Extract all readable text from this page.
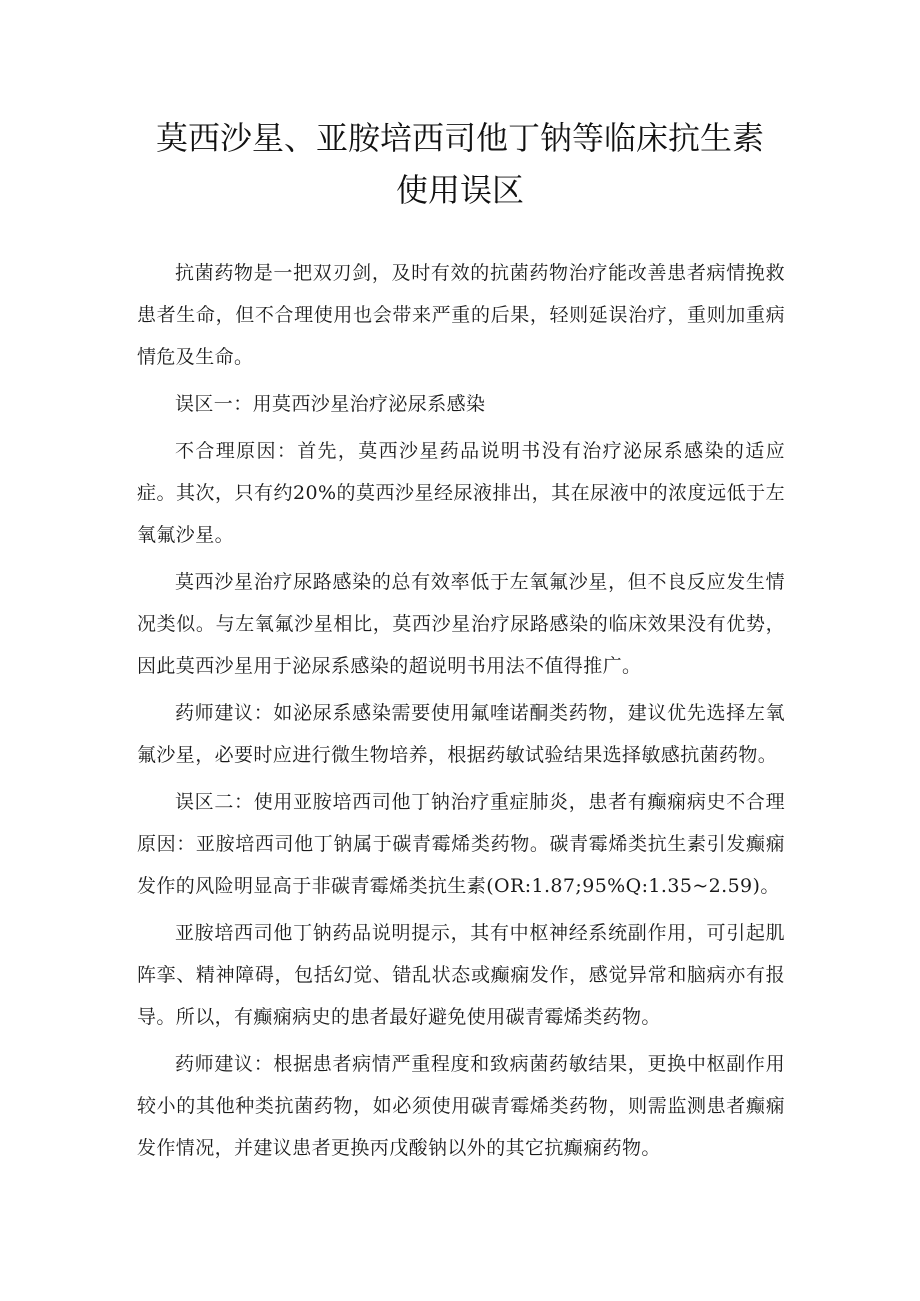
莫西沙星、亚胺培西司他丁钠等临床抗生素
使用误区

抗菌药物是一把双刃剑，及时有效的抗菌药物治疗能改善患者病情挽救患者生命，但不合理使用也会带来严重的后果，轻则延误治疗，重则加重病情危及生命。

误区一：用莫西沙星治疗泌尿系感染

不合理原因：首先，莫西沙星药品说明书没有治疗泌尿系感染的适应症。其次，只有约20%的莫西沙星经尿液排出，其在尿液中的浓度远低于左氧氟沙星。

莫西沙星治疗尿路感染的总有效率低于左氧氟沙星，但不良反应发生情况类似。与左氧氟沙星相比，莫西沙星治疗尿路感染的临床效果没有优势，因此莫西沙星用于泌尿系感染的超说明书用法不值得推广。

药师建议：如泌尿系感染需要使用氟喹诺酮类药物，建议优先选择左氧氟沙星，必要时应进行微生物培养，根据药敏试验结果选择敏感抗菌药物。

误区二：使用亚胺培西司他丁钠治疗重症肺炎，患者有癫痫病史不合理原因：亚胺培西司他丁钠属于碳青霉烯类药物。碳青霉烯类抗生素引发癫痫发作的风险明显高于非碳青霉烯类抗生素(OR:1.87;95%Q:1.35~2.59)。

亚胺培西司他丁钠药品说明提示，其有中枢神经系统副作用，可引起肌阵挛、精神障碍，包括幻觉、错乱状态或癫痫发作，感觉异常和脑病亦有报导。所以，有癫痫病史的患者最好避免使用碳青霉烯类药物。

药师建议：根据患者病情严重程度和致病菌药敏结果，更换中枢副作用较小的其他种类抗菌药物，如必须使用碳青霉烯类药物，则需监测患者癫痫发作情况，并建议患者更换丙戊酸钠以外的其它抗癫痫药物。
